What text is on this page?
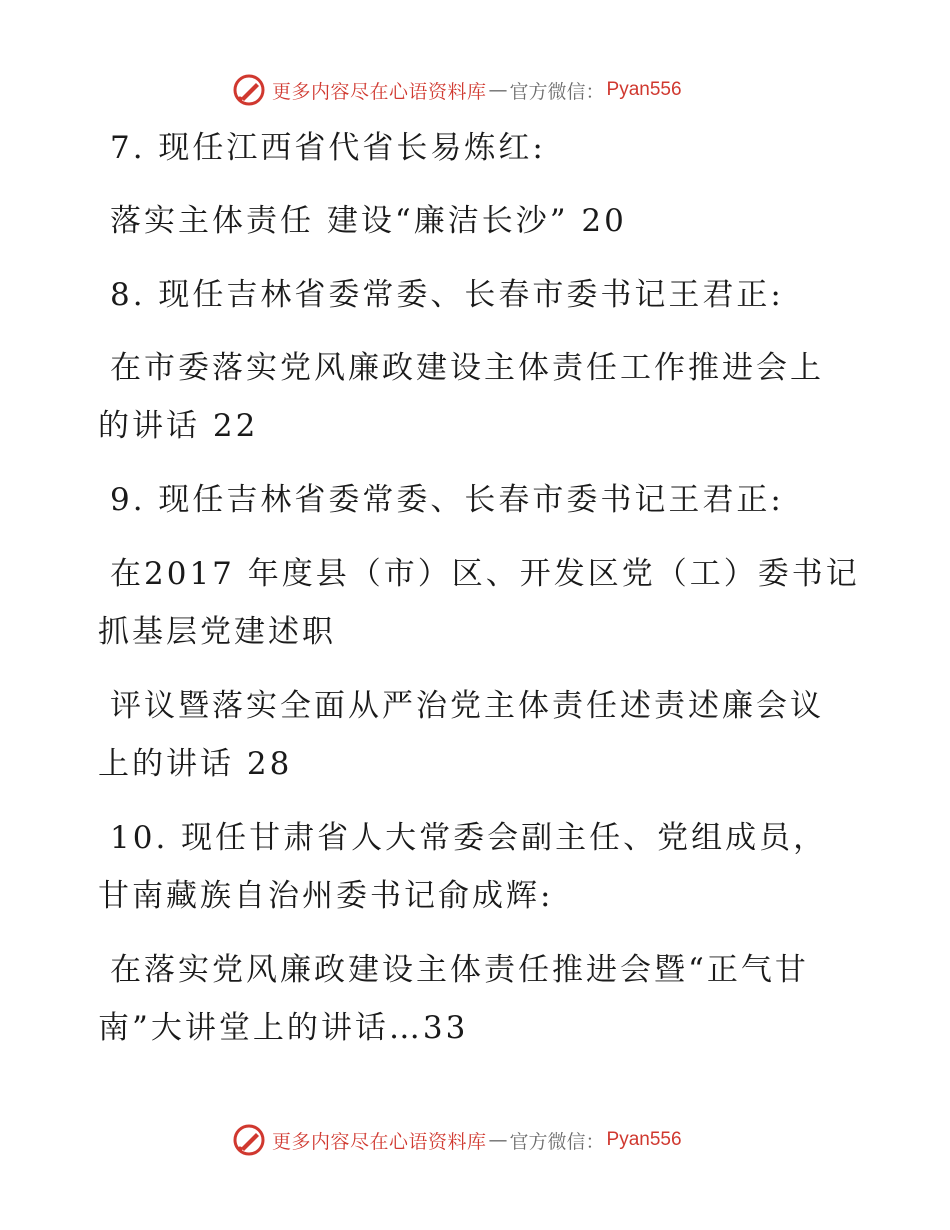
更多内容尽在心语资料库 — 官方微信： Pyan556
7. 现任江西省代省长易炼红:
落实主体责任 建设“廉洁长沙” 20
8. 现任吉林省委常委、长春市委书记王君正:
在市委落实党风廉政建设主体责任工作推进会上
的讲话 22
9. 现任吉林省委常委、长春市委书记王君正:
在2017 年度县（市）区、开发区党（工）委书记
抓基层党建述职
评议暨落实全面从严治党主体责任述责述廉会议
上的讲话 28
10. 现任甘肃省人大常委会副主任、党组成员，
甘南藏族自治州委书记俞成辉:
在落实党风廉政建设主体责任推进会暨“正气甘
南”大讲堂上的讲话…33
更多内容尽在心语资料库 — 官方微信： Pyan556
